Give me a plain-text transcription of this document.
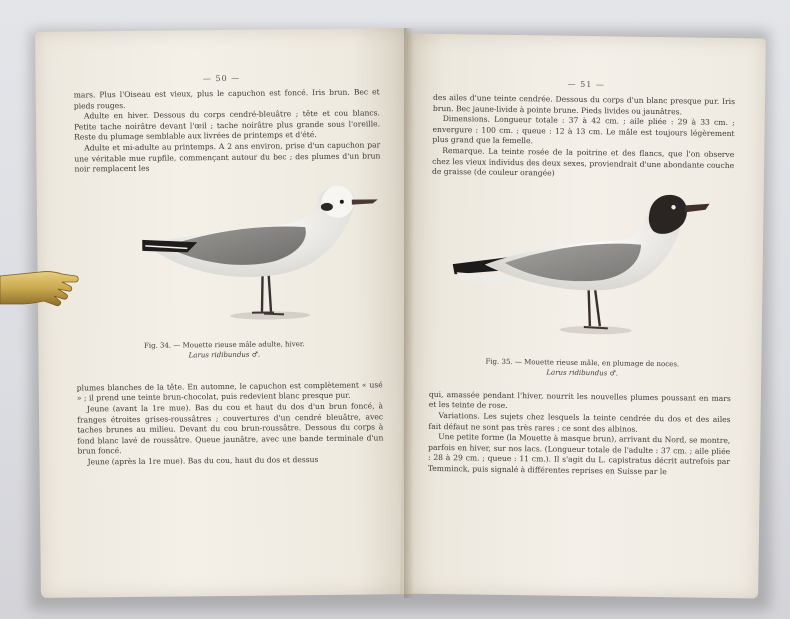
— 50 —

mars. Plus l'Oiseau est vieux, plus le capuchon est foncé. Iris brun. Bec et pieds rouges.

Adulte en hiver. Dessous du corps cendré-bleuâtre ; tête et cou blancs. Petite tache noirâtre devant l'œil ; tache noirâtre plus grande sous l'oreille. Reste du plumage semblable aux livrées de printemps et d'été.

Adulte et mi-adulte au printemps. A 2 ans environ, prise d'un capuchon par une véritable mue rupfile, commençant autour du bec ; des plumes d'un brun noir remplacent les

Fig. 34. — Mouette rieuse mâle adulte, hiver.
Larus ridibundus ♂.

plumes blanches de la tête. En automne, le capuchon est complètement « usé » ; il prend une teinte brun-chocolat, puis redevient blanc presque pur.

Jeune (avant la 1re mue). Bas du cou et haut du dos d'un brun foncé, à franges étroites grises-roussâtres ; couvertures d'un cendré bleuâtre, avec taches brunes au milieu. Devant du cou brun-roussâtre. Dessous du corps à fond blanc lavé de roussâtre. Queue jaunâtre, avec une bande terminale d'un brun foncé.

Jeune (après la 1re mue). Bas du cou, haut du dos et dessus

— 51 —

des ailes d'une teinte cendrée. Dessous du corps d'un blanc presque pur. Iris brun. Bec jaune-livide à pointe brune. Pieds livides ou jaunâtres.

Dimensions. Longueur totale : 37 à 42 cm. ; aile pliée : 29 à 33 cm. ; envergure : 100 cm. ; queue : 12 à 13 cm. Le mâle est toujours légèrement plus grand que la femelle.

Remarque. La teinte rosée de la poitrine et des flancs, que l'on observe chez les vieux individus des deux sexes, proviendrait d'une abondante couche de graisse (de couleur orangée)

Fig. 35. — Mouette rieuse mâle, en plumage de noces.
Larus ridibundus ♂.

qui, amassée pendant l'hiver, nourrit les nouvelles plumes poussant en mars et les teinte de rose.

Variations. Les sujets chez lesquels la teinte cendrée du dos et des ailes fait défaut ne sont pas très rares ; ce sont des albinos.

Une petite forme (la Mouette à masque brun), arrivant du Nord, se montre, parfois en hiver, sur nos lacs. (Longueur totale de l'adulte : 37 cm. ; aile pliée : 28 à 29 cm. ; queue : 11 cm.). Il s'agit du L. capistratus décrit autrefois par Temminck, puis signalé à différentes reprises en Suisse par le
